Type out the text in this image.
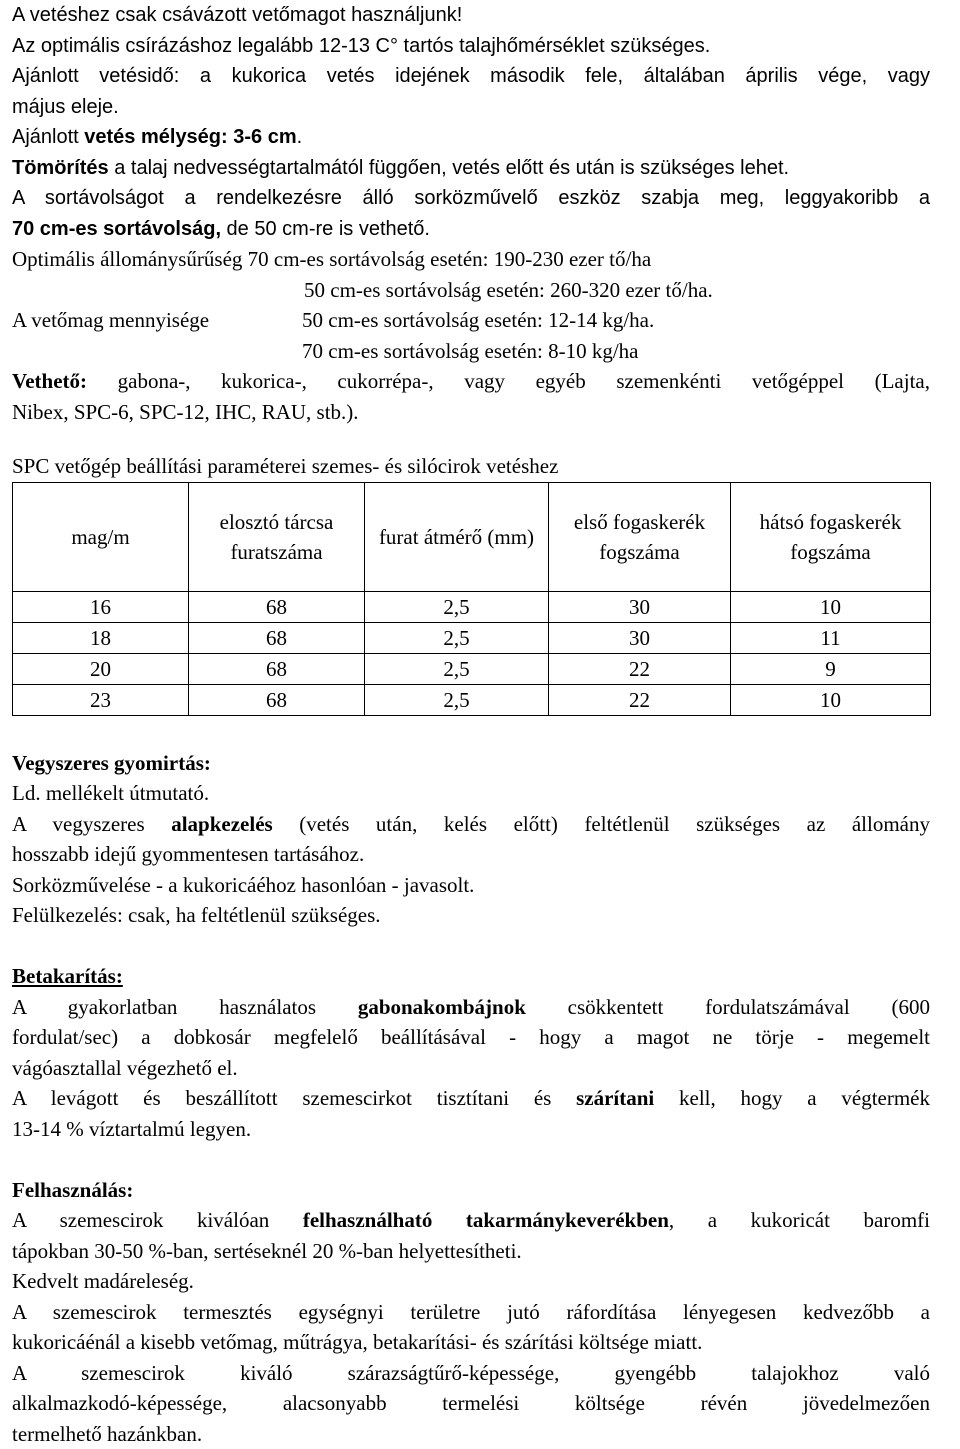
A vetéshez csak csávázott vetőmagot használjunk!
Az optimális csírázáshoz legalább 12-13 C° tartós talajhőmérséklet szükséges.
Ajánlott vetésidő: a kukorica vetés idejének második fele, általában április vége, vagy
május eleje.
Ajánlott vetés mélység: 3-6 cm.
Tömörítés a talaj nedvességtartalmától függően, vetés előtt és után is szükséges lehet.
A sortávolságot a rendelkezésre álló sorközművelő eszköz szabja meg, leggyakoribb a
70 cm-es sortávolság, de 50 cm-re is vethető.
Optimális állománysűrűség 70 cm-es sortávolság esetén: 190-230 ezer tő/ha
50 cm-es sortávolság esetén: 260-320 ezer tő/ha.
A vetőmag mennyisége	50 cm-es sortávolság esetén: 12-14 kg/ha.
70 cm-es sortávolság esetén: 8-10 kg/ha
Vethető: gabona-, kukorica-, cukorrépa-, vagy egyéb szemenkénti vetőgéppel (Lajta,
Nibex, SPC-6, SPC-12, IHC, RAU, stb.).
SPC vetőgép beállítási paraméterei szemes- és silócirok vetéshez
mag/m	elosztó tárcsa furatszáma	furat átmérő (mm)	első fogaskerék fogszáma	hátsó fogaskerék fogszáma
16	68	2,5	30	10
18	68	2,5	30	11
20	68	2,5	22	9
23	68	2,5	22	10
Vegyszeres gyomirtás:
Ld. mellékelt útmutató.
A vegyszeres alapkezelés (vetés után, kelés előtt) feltétlenül szükséges az állomány
hosszabb idejű gyommentesen tartásához.
Sorközművelése - a kukoricáéhoz hasonlóan - javasolt.
Felülkezelés: csak, ha feltétlenül szükséges.
Betakarítás:
A gyakorlatban használatos gabonakombájnok csökkentett fordulatszámával (600
fordulat/sec) a dobkosár megfelelő beállításával - hogy a magot ne törje - megemelt
vágóasztallal végezhető el.
A levágott és beszállított szemescirkot tisztítani és szárítani kell, hogy a végtermék
13-14 % víztartalmú legyen.
Felhasználás:
A szemescirok kiválóan felhasználható takarmánykeverékben, a kukoricát baromfi
tápokban 30-50 %-ban, sertéseknél 20 %-ban helyettesítheti.
Kedvelt madáreleség.
A szemescirok termesztés egységnyi területre jutó ráfordítása lényegesen kedvezőbb a
kukoricáénál a kisebb vetőmag, műtrágya, betakarítási- és szárítási költsége miatt.
A szemescirok kiváló szárazságtűrő-képessége, gyengébb talajokhoz való
alkalmazkodó-képessége, alacsonyabb termelési költsége révén jövedelmezően
termelhető hazánkban.
